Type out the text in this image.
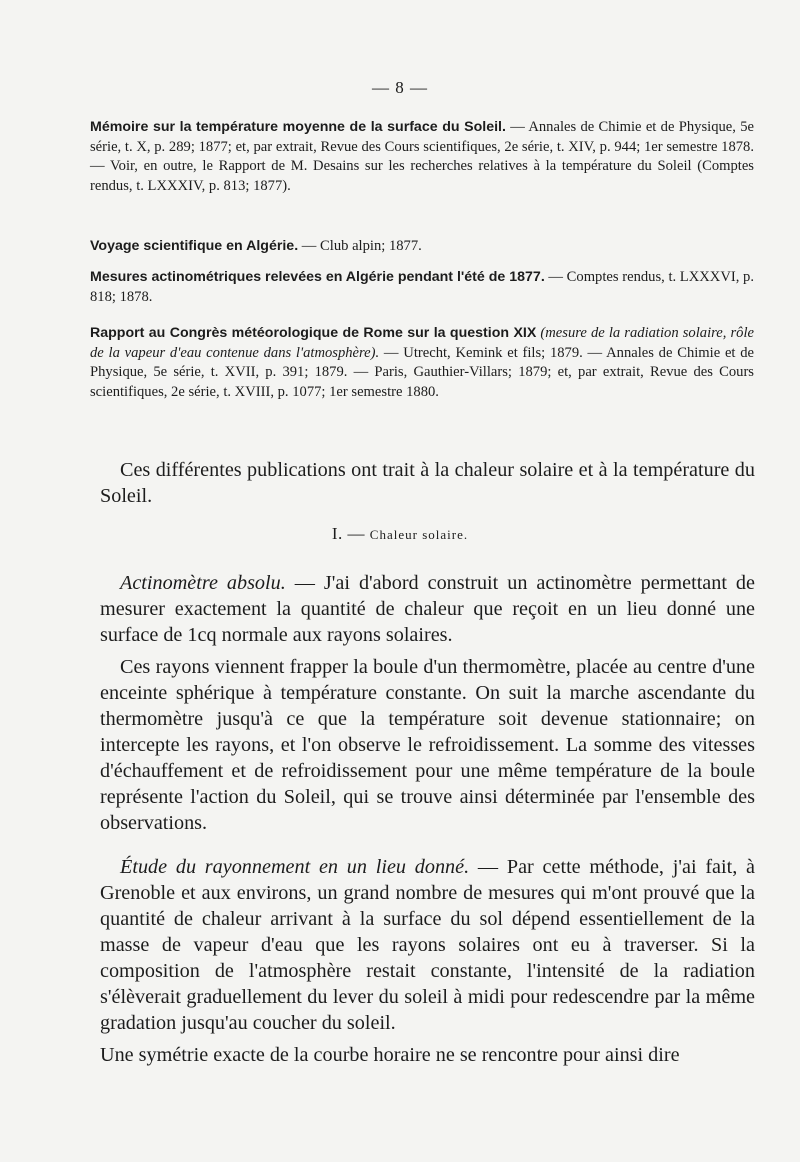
— 8 —
Mémoire sur la température moyenne de la surface du Soleil. — Annales de Chimie et de Physique, 5e série, t. X, p. 289; 1877; et, par extrait, Revue des Cours scientifiques, 2e série, t. XIV, p. 944; 1er semestre 1878. — Voir, en outre, le Rapport de M. Desains sur les recherches relatives à la température du Soleil (Comptes rendus, t. LXXXIV, p. 813; 1877).
Voyage scientifique en Algérie. — Club alpin; 1877.
Mesures actinométriques relevées en Algérie pendant l'été de 1877. — Comptes rendus, t. LXXXVI, p. 818; 1878.
Rapport au Congrès météorologique de Rome sur la question XIX (mesure de la radiation solaire, rôle de la vapeur d'eau contenue dans l'atmosphère). — Utrecht, Kemink et fils; 1879. — Annales de Chimie et de Physique, 5e série, t. XVII, p. 391; 1879. — Paris, Gauthier-Villars; 1879; et, par extrait, Revue des Cours scientifiques, 2e série, t. XVIII, p. 1077; 1er semestre 1880.

Ces différentes publications ont trait à la chaleur solaire et à la température du Soleil.

I. — Chaleur solaire.

Actinomètre absolu. — J'ai d'abord construit un actinomètre permettant de mesurer exactement la quantité de chaleur que reçoit en un lieu donné une surface de 1cq normale aux rayons solaires.

Ces rayons viennent frapper la boule d'un thermomètre, placée au centre d'une enceinte sphérique à température constante. On suit la marche ascendante du thermomètre jusqu'à ce que la température soit devenue stationnaire; on intercepte les rayons, et l'on observe le refroidissement. La somme des vitesses d'échauffement et de refroidissement pour une même température de la boule représente l'action du Soleil, qui se trouve ainsi déterminée par l'ensemble des observations.

Étude du rayonnement en un lieu donné. — Par cette méthode, j'ai fait, à Grenoble et aux environs, un grand nombre de mesures qui m'ont prouvé que la quantité de chaleur arrivant à la surface du sol dépend essentiellement de la masse de vapeur d'eau que les rayons solaires ont eu à traverser. Si la composition de l'atmosphère restait constante, l'intensité de la radiation s'élèverait graduellement du lever du soleil à midi pour redescendre par la même gradation jusqu'au coucher du soleil.

Une symétrie exacte de la courbe horaire ne se rencontre pour ainsi dire
